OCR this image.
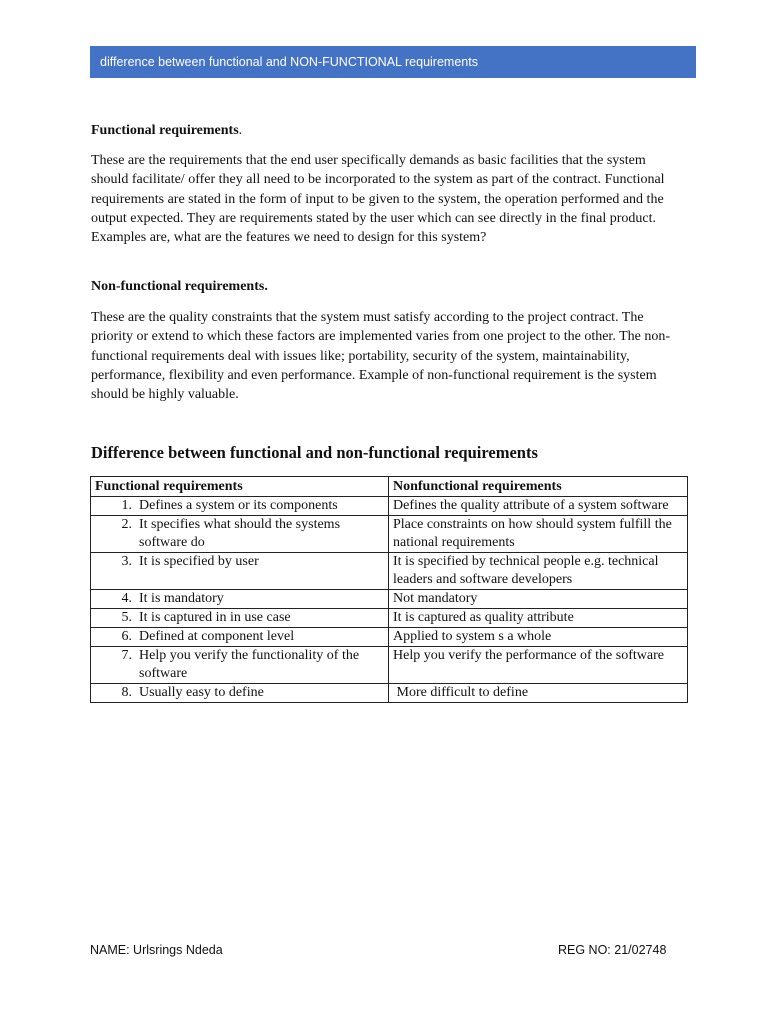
difference between functional and NON-FUNCTIONAL requirements
Functional requirements.
These are the requirements that the end user specifically demands as basic facilities that the system should facilitate/ offer they all need to be incorporated to the system as part of the contract. Functional requirements are stated in the form of input to be given to the system, the operation performed and the output expected. They are requirements stated by the user which can see directly in the final product. Examples are, what are the features we need to design for this system?
Non-functional requirements.
These are the quality constraints that the system must satisfy according to the project contract. The priority or extend to which these factors are implemented varies from one project to the other. The non-functional requirements deal with issues like; portability, security of the system, maintainability, performance, flexibility and even performance. Example of non-functional requirement is the system should be highly valuable.
Difference between functional and non-functional requirements
Functional requirements	Nonfunctional requirements

1. Defines a system or its components	Defines the quality attribute of a system software

2. It specifies what should the systems software do	Place constraints on how should system fulfill the national requirements

3. It is specified by user	It is specified by technical people e.g. technical leaders and software developers

4. It is mandatory	Not mandatory

5. It is captured in in use case	It is captured as quality attribute

6. Defined at component level	Applied to system s a whole

7. Help you verify the functionality of the software	Help you verify the performance of the software

8. Usually easy to define	More difficult to define
NAME: Urlsrings Ndeda	REG NO: 21/02748
